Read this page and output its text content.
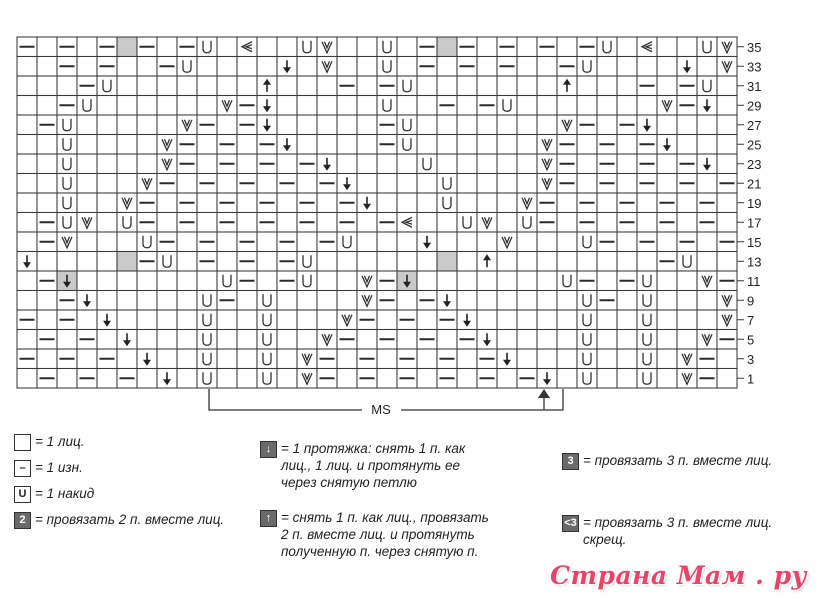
35
33
31
29
27
25
23
21
19
17
15
13
11
9
7
5
3
1
MS
= 1 лиц.
– = 1 изн.
U = 1 накид
2 = провязать 2 п. вместе лиц.
↓ = 1 протяжка: снять 1 п. как
лиц., 1 лиц. и протянуть ее
через снятую петлю
↑ = снять 1 п. как лиц., провязать
2 п. вместе лиц. и протянуть
полученную п. через снятую п.
3 = провязать 3 п. вместе лиц.
<3 = провязать 3 п. вместе лиц.
скрещ.
Страна Мам . ру
